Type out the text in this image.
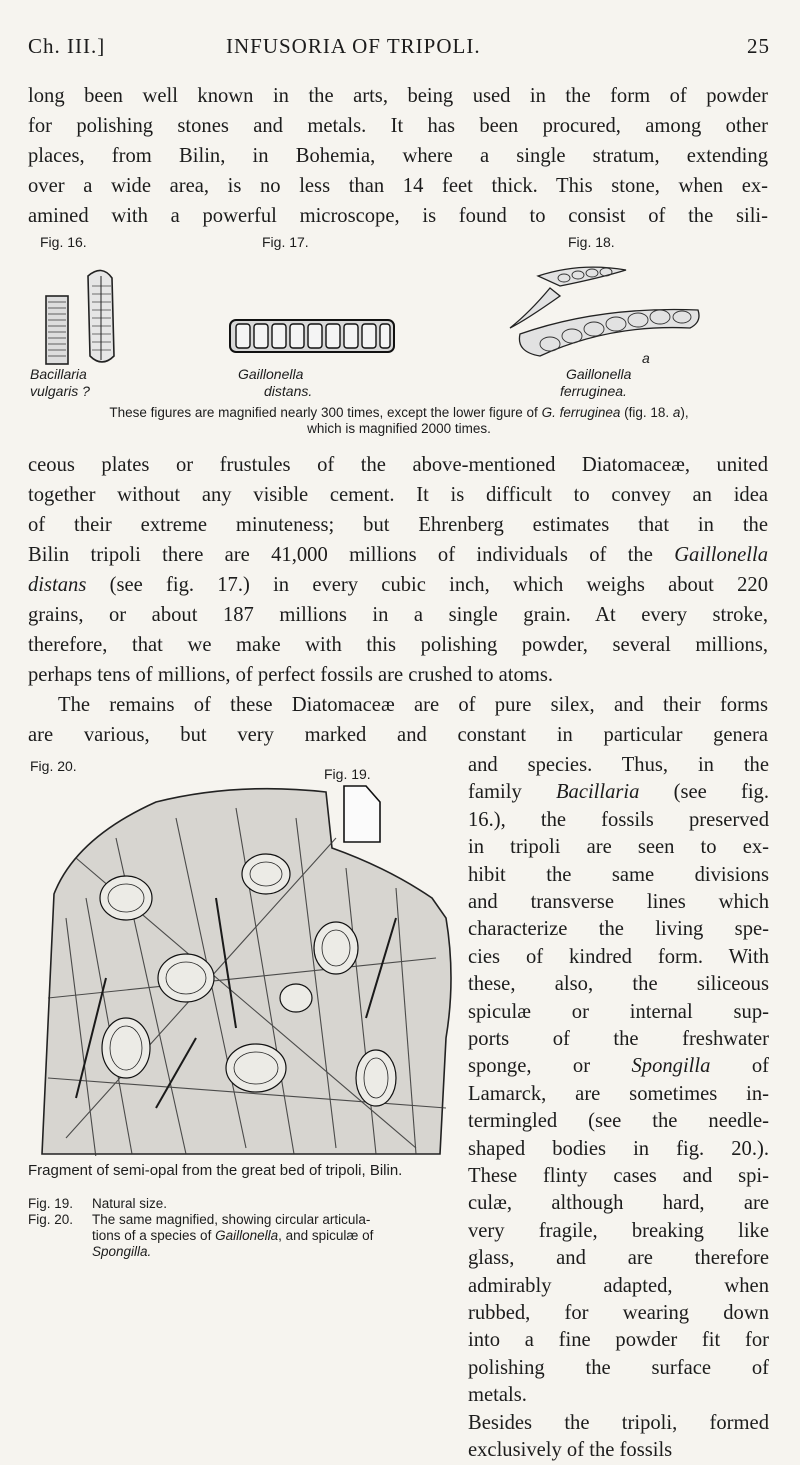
Ch. III.]	INFUSORIA OF TRIPOLI.	25
long been well known in the arts, being used in the form of powder
for polishing stones and metals. It has been procured, among other
places, from Bilin, in Bohemia, where a single stratum, extending
over a wide area, is no less than 14 feet thick. This stone, when ex-
amined with a powerful microscope, is found to consist of the sili-
Fig. 16.	Fig. 17.	Fig. 18.
a
Bacillaria
vulgaris ?
Gaillonella
distans.
Gaillonella
ferruginea.
These figures are magnified nearly 300 times, except the lower figure of G. ferruginea (fig. 18. a),
which is magnified 2000 times.
ceous plates or frustules of the above-mentioned Diatomaceæ, united
together without any visible cement. It is difficult to convey an idea
of their extreme minuteness; but Ehrenberg estimates that in the
Bilin tripoli there are 41,000 millions of individuals of the Gaillonella
distans (see fig. 17.) in every cubic inch, which weighs about 220
grains, or about 187 millions in a single grain. At every stroke,
therefore, that we make with this polishing powder, several millions,
perhaps tens of millions, of perfect fossils are crushed to atoms.
The remains of these Diatomaceæ are of pure silex, and their forms
are various, but very marked and constant in particular genera
Fig. 20.	Fig. 19.	and species. Thus, in the
family Bacillaria (see fig.
16.), the fossils preserved
in tripoli are seen to ex-
hibit the same divisions
and transverse lines which
characterize the living spe-
cies of kindred form. With
these, also, the siliceous
spiculæ or internal sup-
ports of the freshwater
sponge, or Spongilla of
Lamarck, are sometimes in-
termingled (see the needle-
shaped bodies in fig. 20.).
These flinty cases and spi-
culæ, although hard, are
very fragile, breaking like
glass, and are therefore
admirably adapted, when
rubbed, for wearing down
into a fine powder fit for
polishing the surface of
metals.
Besides the tripoli, formed
exclusively of the fossils
Fragment of semi-opal from the great bed of tripoli, Bilin.
Fig. 19. Natural size.
Fig. 20. The same magnified, showing circular articula-
tions of a species of Gaillonella, and spiculæ of
Spongilla.
